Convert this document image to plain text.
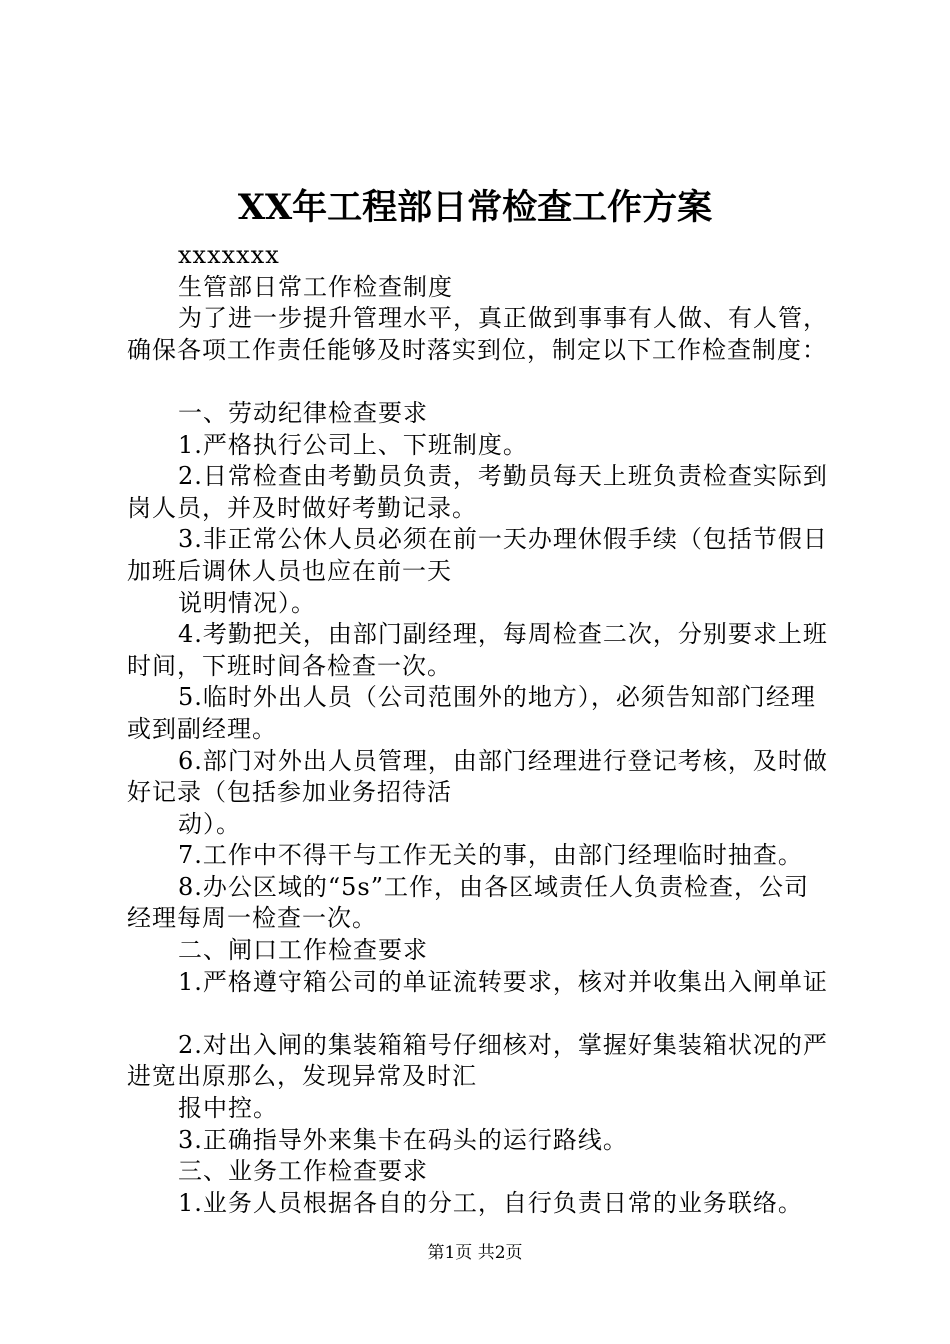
XX年工程部日常检查工作方案
xxxxxxx
生管部日常工作检查制度
为了进一步提升管理水平，真正做到事事有人做、有人管，
确保各项工作责任能够及时落实到位，制定以下工作检查制度：
一、劳动纪律检查要求
1.严格执行公司上、下班制度。
2.日常检查由考勤员负责，考勤员每天上班负责检查实际到
岗人员，并及时做好考勤记录。
3.非正常公休人员必须在前一天办理休假手续（包括节假日
加班后调休人员也应在前一天
说明情况）。
4.考勤把关，由部门副经理，每周检查二次，分别要求上班
时间，下班时间各检查一次。
5.临时外出人员（公司范围外的地方），必须告知部门经理
或到副经理。
6.部门对外出人员管理，由部门经理进行登记考核，及时做
好记录（包括参加业务招待活
动）。
7.工作中不得干与工作无关的事，由部门经理临时抽查。
8.办公区域的“5s”工作，由各区域责任人负责检查，公司
经理每周一检查一次。
二、闸口工作检查要求
1.严格遵守箱公司的单证流转要求，核对并收集出入闸单证
2.对出入闸的集装箱箱号仔细核对，掌握好集装箱状况的严
进宽出原那么，发现异常及时汇
报中控。
3.正确指导外来集卡在码头的运行路线。
三、业务工作检查要求
1.业务人员根据各自的分工，自行负责日常的业务联络。
第1页 共2页
